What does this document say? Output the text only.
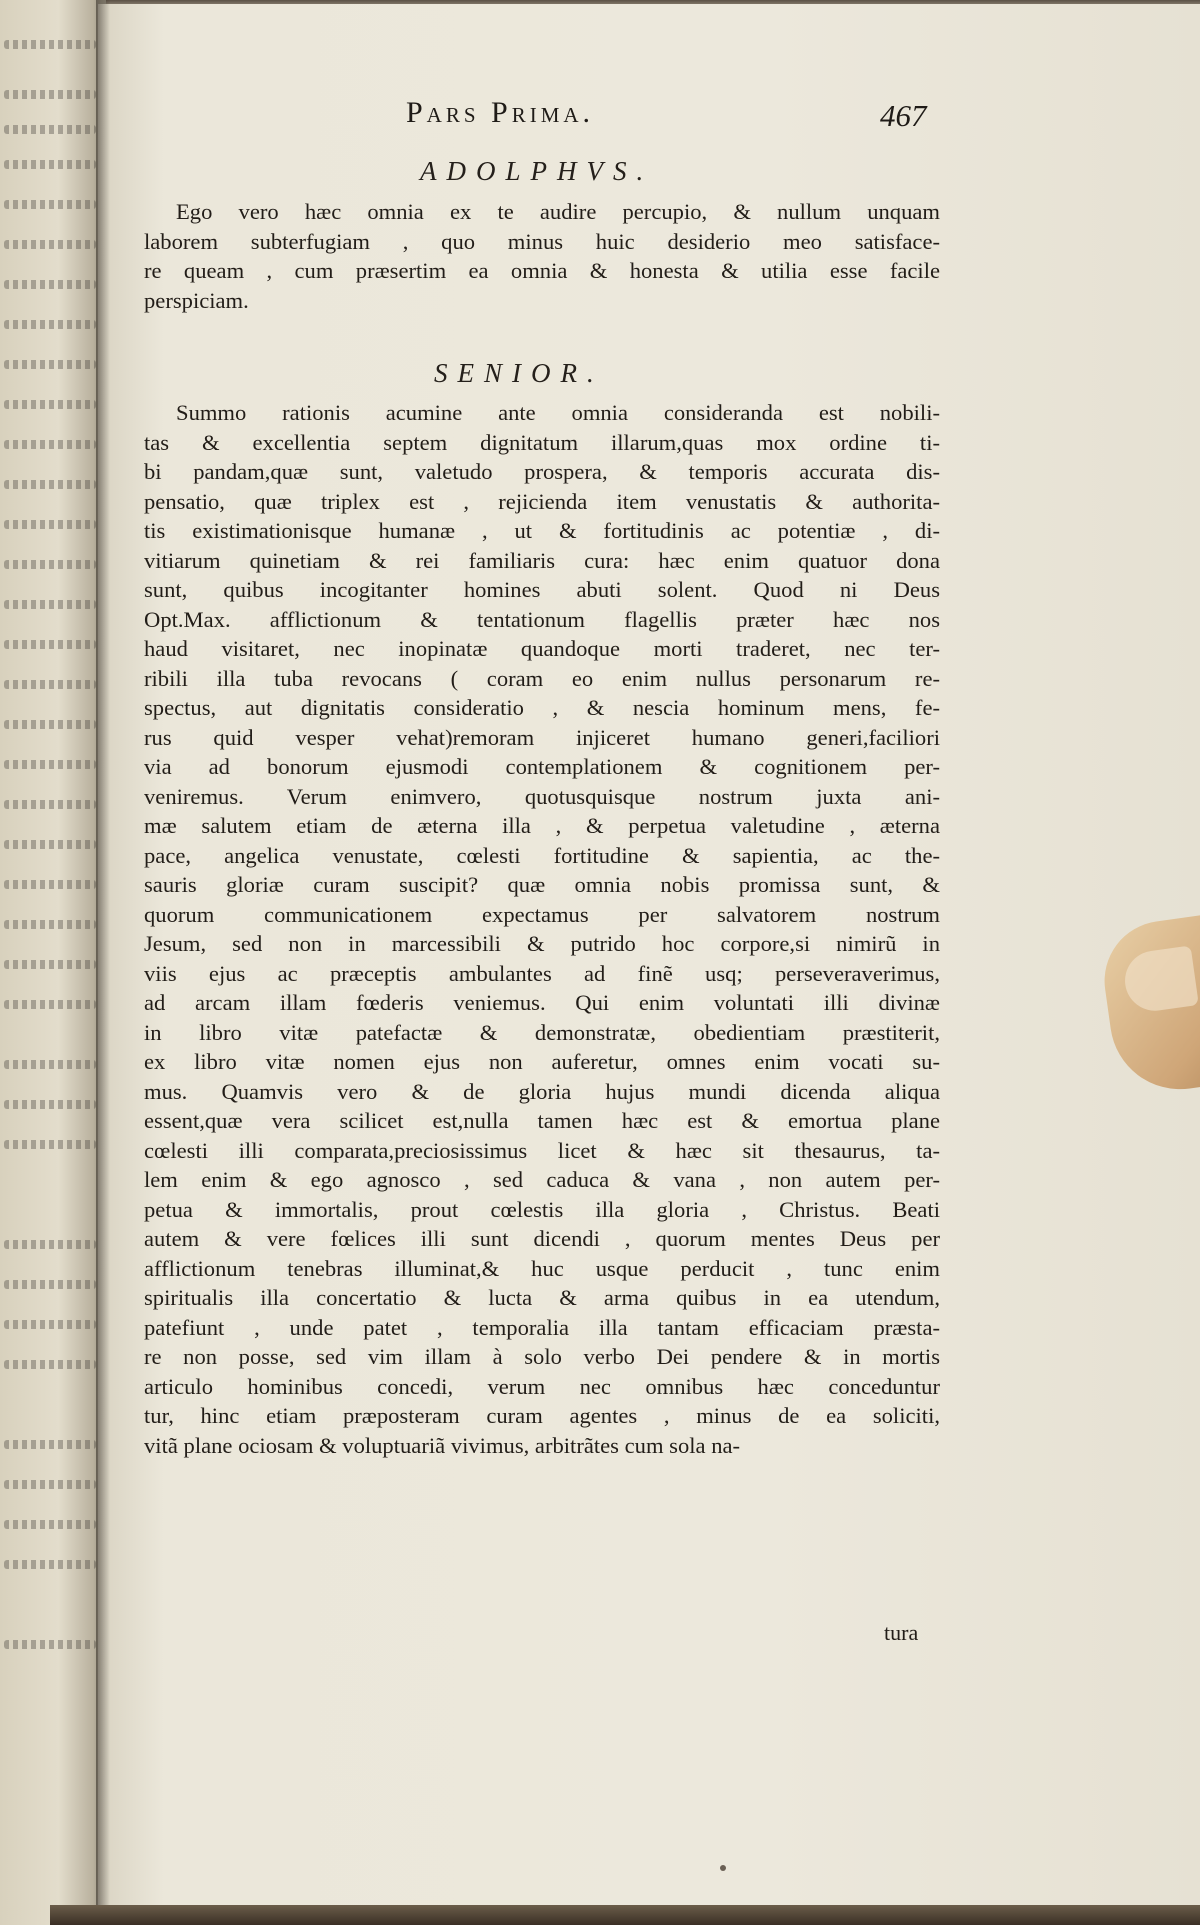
Pars Prima.	467
ADOLPHVS.
Ego vero hæc omnia ex te audire percupio, & nullum unquam
laborem subterfugiam , quo minus huic desiderio meo satisface-
re queam , cum præsertim ea omnia & honesta & utilia esse facile
perspiciam.
SENIOR.
Summo rationis acumine ante omnia considerandа est nobili-
tas & excellentia septem dignitatum illarum,quas mox ordine ti-
bi pandam,quæ sunt, valetudo prospera, & temporis accurata dis-
pensatio, quæ triplex est , rejicienda item venustatis & authorita-
tis existimationisque humanæ , ut & fortitudinis ac potentiæ , di-
vitiarum quinetiam & rei familiaris cura: hæc enim quatuor dona
sunt, quibus incogitanter homines abuti solent. Quod ni Deus
Opt.Max. afflictionum & tentationum flagellis præter hæc nos
haud visitaret, nec inopinatæ quandoque morti traderet, nec ter-
ribili illa tuba revocans ( coram eo enim nullus personarum re-
spectus, aut dignitatis consideratio , & nescia hominum mens, fe-
rus quid vesper vehat)remoram injiceret humano generi,faciliori
via ad bonorum ejusmodi contemplationem & cognitionem per-
veniremus. Verum enimvero, quotusquisque nostrum juxta ani-
mæ salutem etiam de æterna illa , & perpetua valetudine , æterna
pace, angelica venustate, cœlesti fortitudine & sapientia, ac the-
sauris gloriæ curam suscipit? quæ omnia nobis promissa sunt, &
quorum communicationem expectamus per salvatorem nostrum
Jesum, sed non in marcessibili & putrido hoc corpore,si nimirũ in
viis ejus ac præceptis ambulantes ad finẽ usq; perseveraverimus,
ad arcam illam fœderis veniemus. Qui enim voluntati illi divinæ
in libro vitæ patefactæ & demonstratæ, obedientiam præstiterit,
ex libro vitæ nomen ejus non auferetur, omnes enim vocati su-
mus. Quamvis vero & de gloria hujus mundi dicenda aliqua
essent,quæ vera scilicet est,nulla tamen hæc est & emortua plane
cœlesti illi comparata,preciosissimus licet & hæc sit thesaurus, ta-
lem enim & ego agnosco , sed caduca & vana , non autem per-
petua & immortalis, prout cœlestis illa gloria , Christus. Beati
autem & vere fœlices illi sunt dicendi , quorum mentes Deus per
afflictionum tenebras illuminat,& huc usque perducit , tunc enim
spiritualis illa concertatio & lucta & arma quibus in ea utendum,
patefiunt , unde patet , temporalia illa tantam efficaciam præsta-
re non posse, sed vim illam à solo verbo Dei pendere & in mortis
articulo hominibus concedi, verum nec omnibus hæc conceduntur
tur, hinc etiam præposteram curam agentes , minus de ea soliciti,
vitã plane ociosam & voluptuariã vivimus, arbitrãtes cum sola na-
tura
